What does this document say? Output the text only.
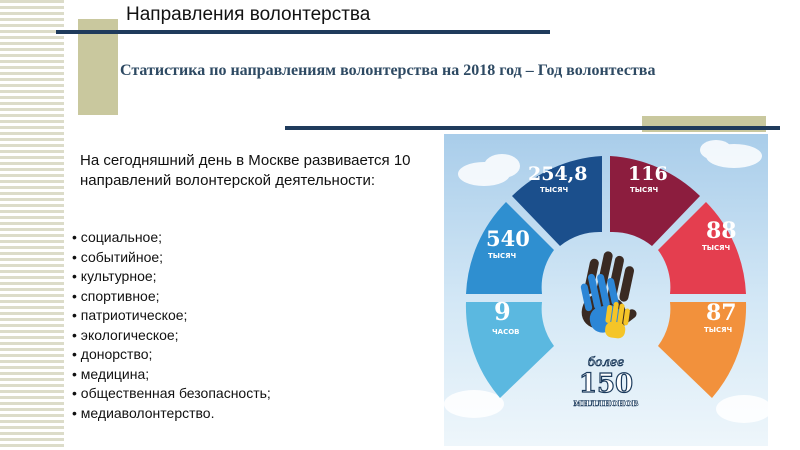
Направления волонтерства
Статистика по направлениям волонтерства на 2018 год – Год волонтества
На сегодняшний день в Москве развивается 10 направлений волонтерской деятельности:
• социальное;
• событийное;
• культурное;
• спортивное;
• патриотическое;
• экологическое;
• донорство;
• медицина;
• общественная безопасность;
• медиаволонтерство.
9
ЧАСОВ
540
ТЫСЯЧ
254,8
ТЫСЯЧ
116
ТЫСЯЧ
88
ТЫСЯЧ
87
ТЫСЯЧ
более
150
миллионов
